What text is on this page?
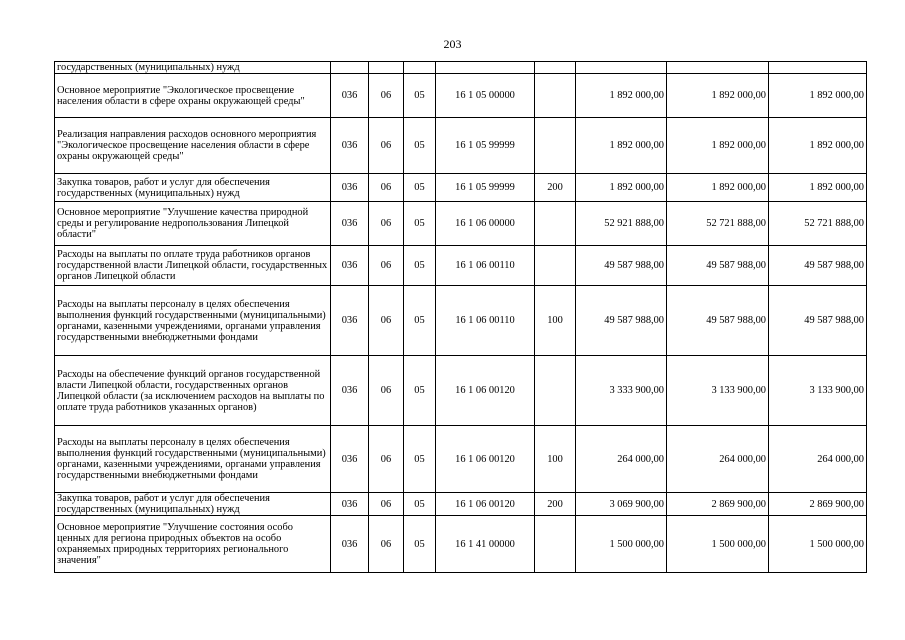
203
государственных (муниципальных) нужд								
Основное мероприятие "Экологическое просвещение населения области в сфере охраны окружающей среды"	036	06	05	16 1 05 00000		1 892 000,00	1 892 000,00	1 892 000,00
Реализация направления расходов основного мероприятия "Экологическое просвещение населения области в сфере охраны окружающей среды"	036	06	05	16 1 05 99999		1 892 000,00	1 892 000,00	1 892 000,00
Закупка товаров, работ и услуг для обеспечения государственных (муниципальных) нужд	036	06	05	16 1 05 99999	200	1 892 000,00	1 892 000,00	1 892 000,00
Основное мероприятие "Улучшение качества природной среды и регулирование недропользования Липецкой области"	036	06	05	16 1 06 00000		52 921 888,00	52 721 888,00	52 721 888,00
Расходы на выплаты по оплате труда работников органов государственной власти Липецкой области, государственных органов Липецкой области	036	06	05	16 1 06 00110		49 587 988,00	49 587 988,00	49 587 988,00
Расходы на выплаты персоналу в целях обеспечения выполнения функций государственными (муниципальными) органами, казенными учреждениями, органами управления государственными внебюджетными фондами	036	06	05	16 1 06 00110	100	49 587 988,00	49 587 988,00	49 587 988,00
Расходы на обеспечение функций органов государственной власти Липецкой области, государственных органов Липецкой области (за исключением расходов на выплаты по оплате труда работников указанных органов)	036	06	05	16 1 06 00120		3 333 900,00	3 133 900,00	3 133 900,00
Расходы на выплаты персоналу в целях обеспечения выполнения функций государственными (муниципальными) органами, казенными учреждениями, органами управления государственными внебюджетными фондами	036	06	05	16 1 06 00120	100	264 000,00	264 000,00	264 000,00
Закупка товаров, работ и услуг для обеспечения государственных (муниципальных) нужд	036	06	05	16 1 06 00120	200	3 069 900,00	2 869 900,00	2 869 900,00
Основное мероприятие "Улучшение состояния особо ценных для региона природных объектов на особо охраняемых природных территориях регионального значения"	036	06	05	16 1 41 00000		1 500 000,00	1 500 000,00	1 500 000,00
